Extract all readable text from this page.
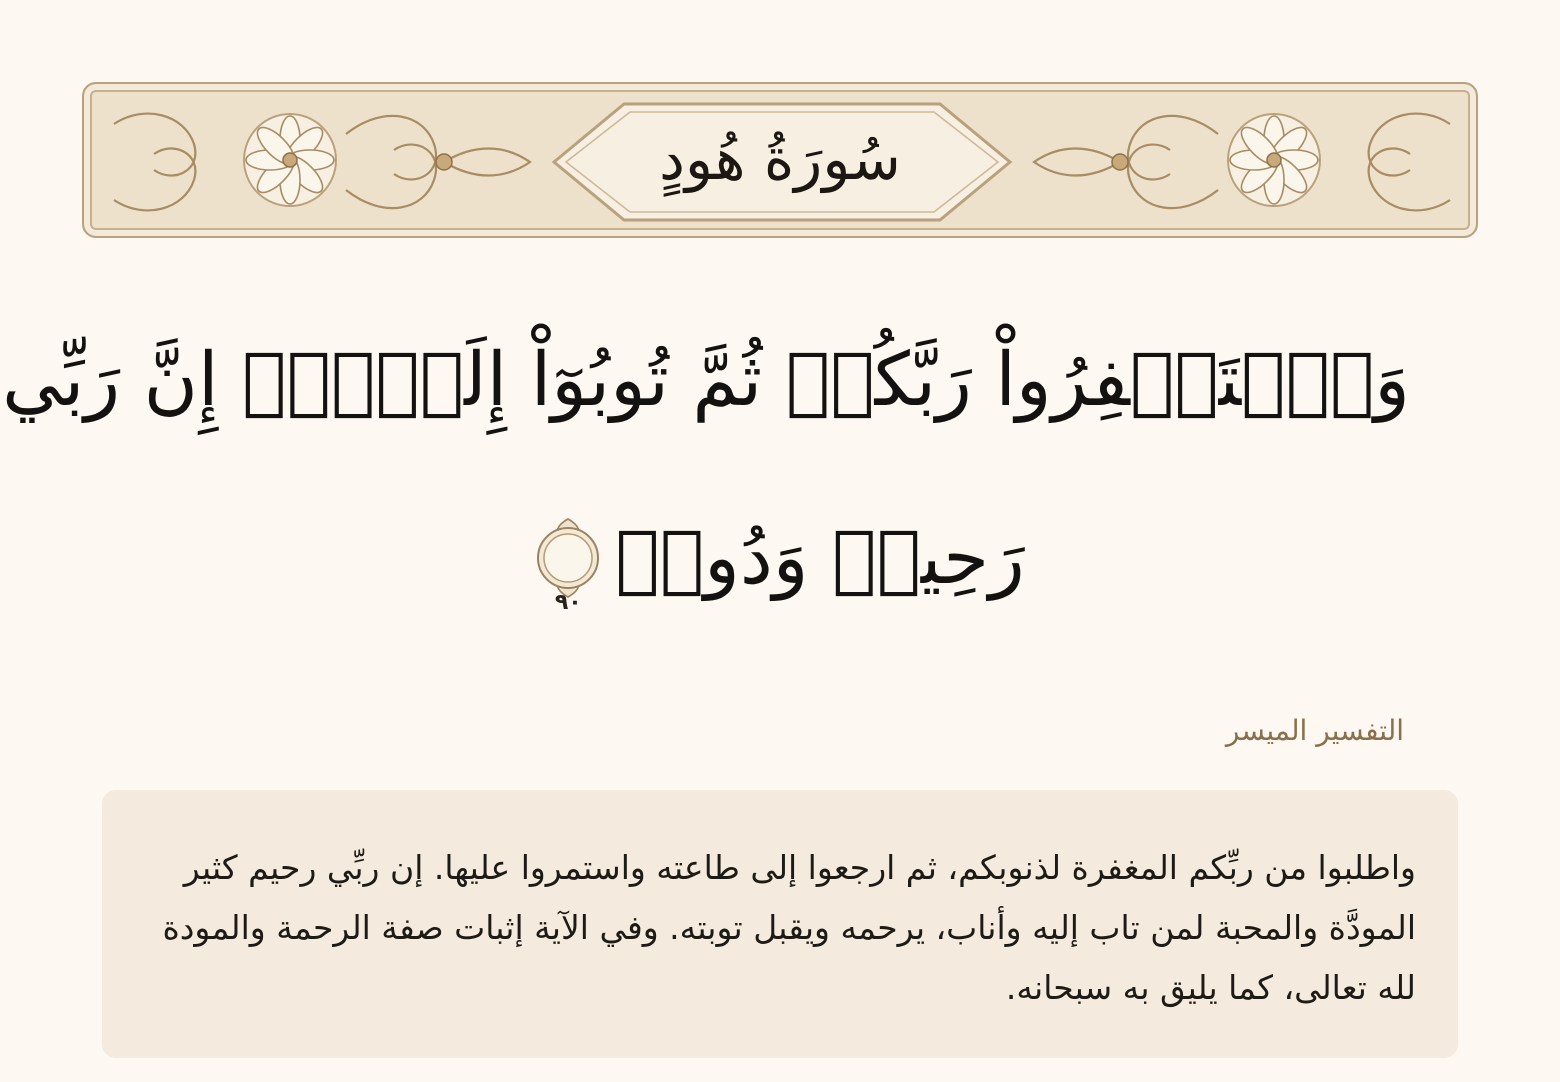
سُورَةُ هُودٍ
وَٱسۡتَغۡفِرُواْ رَبَّكُمۡ ثُمَّ تُوبُوٓاْ إِلَيۡهِۚ إِنَّ رَبِّي
رَحِيمٞ وَدُودٞ
٩٠
التفسير الميسر
واطلبوا من ربِّكم المغفرة لذنوبكم، ثم ارجعوا إلى طاعته واستمروا عليها. إن ربِّي رحيم كثير المودَّة والمحبة لمن تاب إليه وأناب، يرحمه ويقبل توبته. وفي الآية إثبات صفة الرحمة والمودة لله تعالى، كما يليق به سبحانه.
